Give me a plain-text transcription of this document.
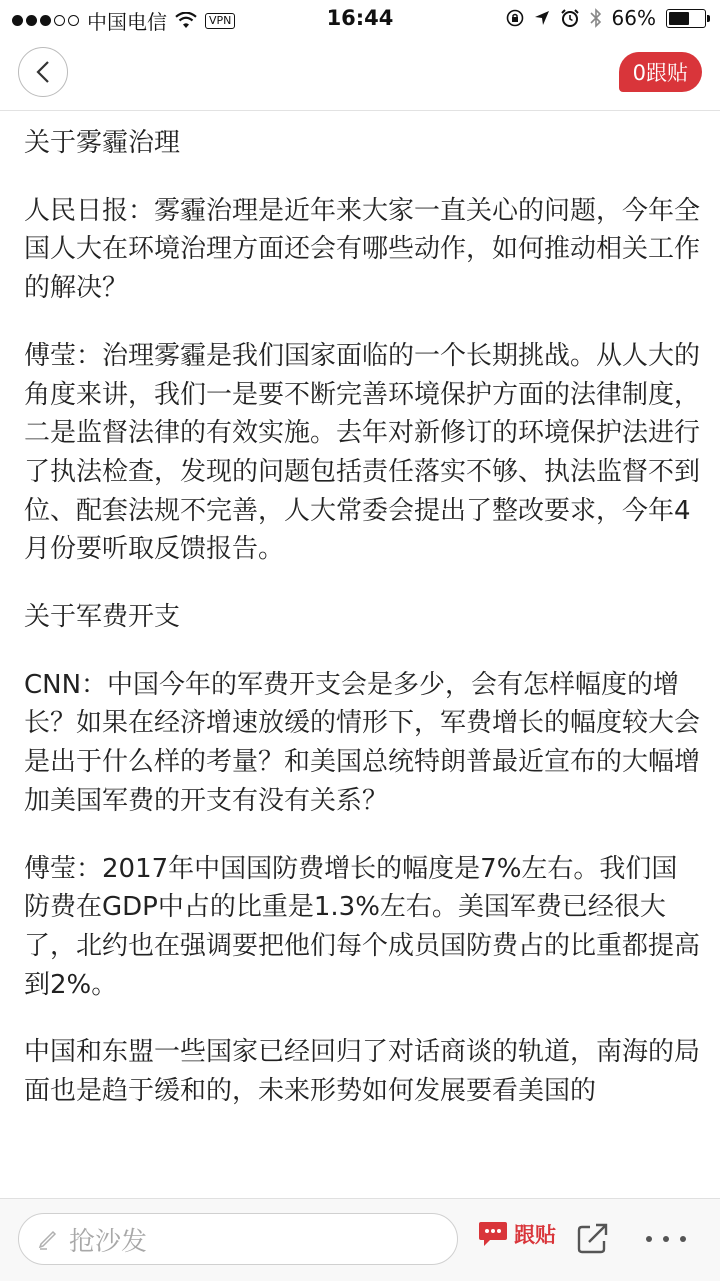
中国电信	VPN	16:44	66%
0跟贴

关于雾霾治理

人民日报：雾霾治理是近年来大家一直关心的问题，今年全国人大在环境治理方面还会有哪些动作，如何推动相关工作的解决？

傅莹：治理雾霾是我们国家面临的一个长期挑战。从人大的角度来讲，我们一是要不断完善环境保护方面的法律制度，二是监督法律的有效实施。去年对新修订的环境保护法进行了执法检查，发现的问题包括责任落实不够、执法监督不到位、配套法规不完善，人大常委会提出了整改要求，今年4月份要听取反馈报告。

关于军费开支

CNN：中国今年的军费开支会是多少，会有怎样幅度的增长？如果在经济增速放缓的情形下，军费增长的幅度较大会是出于什么样的考量？和美国总统特朗普最近宣布的大幅增加美国军费的开支有没有关系？

傅莹：2017年中国国防费增长的幅度是7%左右。我们国防费在GDP中占的比重是1.3%左右。美国军费已经很大了，北约也在强调要把他们每个成员国防费占的比重都提高到2%。

中国和东盟一些国家已经回归了对话商谈的轨道，南海的局面也是趋于缓和的，未来形势如何发展要看美国的

抢沙发	跟贴
